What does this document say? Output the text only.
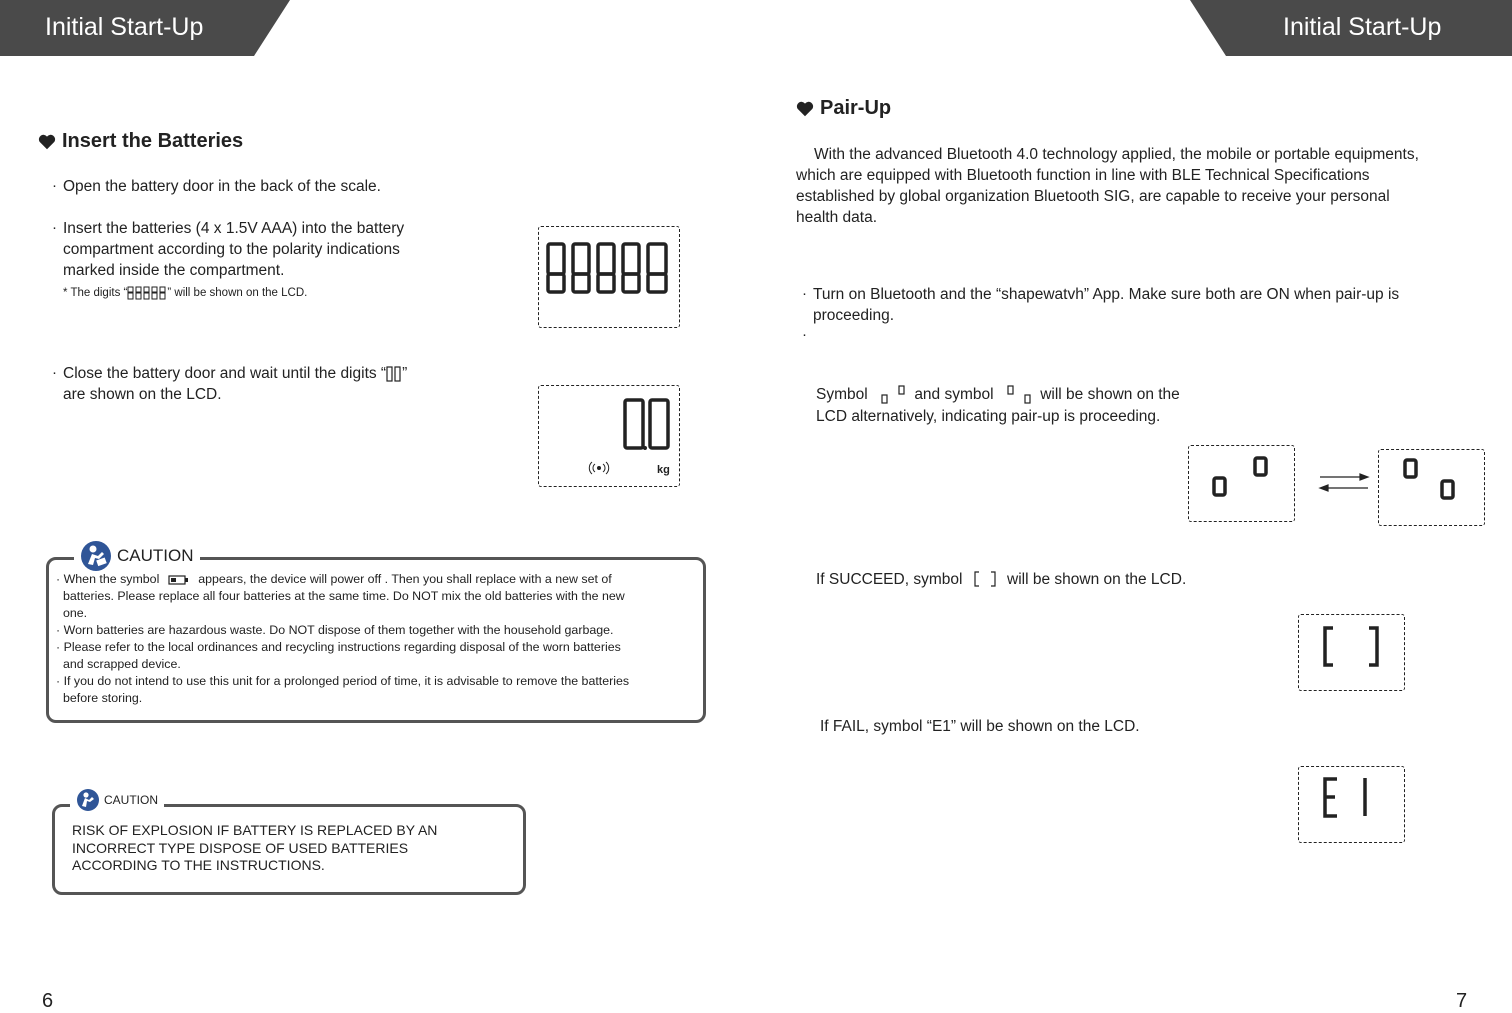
Initial Start-Up	Initial Start-Up
Insert the Batteries
· Open the battery door in the back of the scale.
· Insert the batteries (4 x 1.5V AAA) into the battery
compartment according to the polarity indications
marked inside the compartment.
* The digits “	” will be shown on the LCD.
· Close the battery door and wait until the digits “ ”
are shown on the LCD.
kg
CAUTION
· When the symbol	appears, the device will power off . Then you shall replace with a new set of
batteries. Please replace all four batteries at the same time. Do NOT mix the old batteries with the new
one.
· Worn batteries are hazardous waste. Do NOT dispose of them together with the household garbage.
· Please refer to the local ordinances and recycling instructions regarding disposal of the worn batteries
and scrapped device.
· If you do not intend to use this unit for a prolonged period of time, it is advisable to remove the batteries
before storing.
CAUTION
RISK OF EXPLOSION IF BATTERY IS REPLACED BY AN
INCORRECT TYPE DISPOSE OF USED BATTERIES
ACCORDING TO THE INSTRUCTIONS.
6
Pair-Up
With the advanced Bluetooth 4.0 technology applied, the mobile or portable equipments,
which are equipped with Bluetooth function in line with BLE Technical Specifications
established by global organization Bluetooth SIG, are capable to receive your personal
health data.
· Turn on Bluetooth and the “shapewatvh” App. Make sure both are ON when pair-up is
proceeding.
·
Symbol	and symbol	will be shown on the
LCD alternatively, indicating pair-up is proceeding.
If SUCCEED, symbol	will be shown on the LCD.
If FAIL, symbol “E1” will be shown on the LCD.
7
